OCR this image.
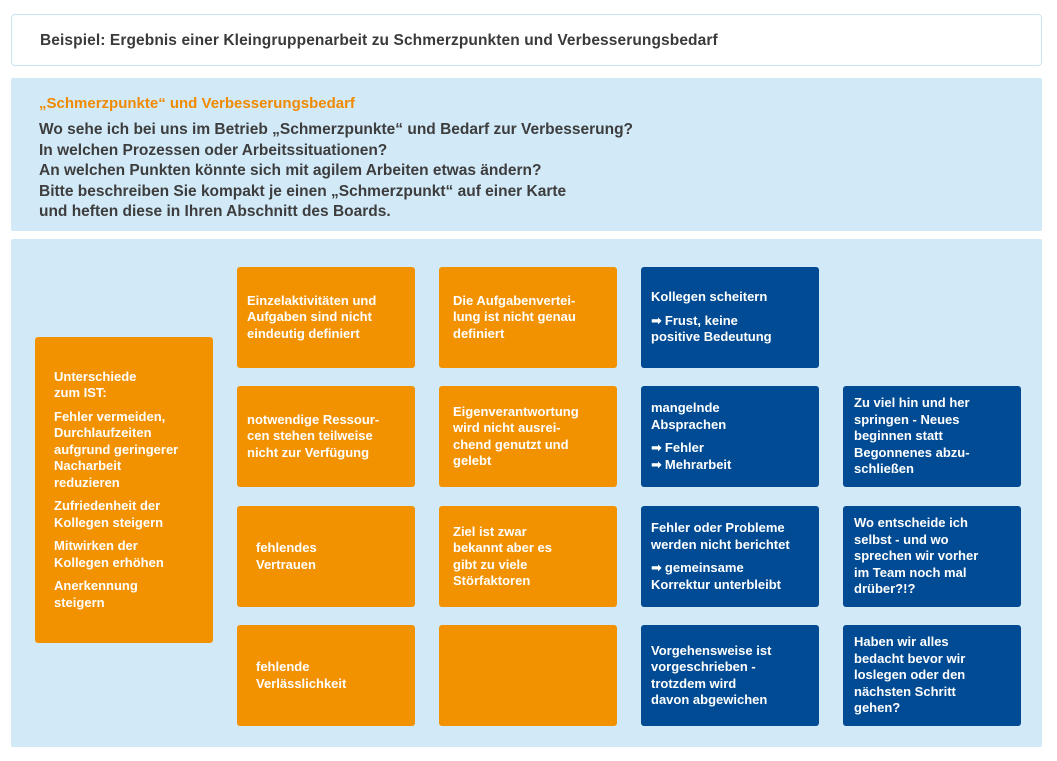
Beispiel: Ergebnis einer Kleingruppenarbeit zu Schmerzpunkten und Verbesserungsbedarf
„Schmerzpunkte“ und Verbesserungsbedarf
Wo sehe ich bei uns im Betrieb „Schmerzpunkte“ und Bedarf zur Verbesserung?
In welchen Prozessen oder Arbeitssituationen?
An welchen Punkten könnte sich mit agilem Arbeiten etwas ändern?
Bitte beschreiben Sie kompakt je einen „Schmerzpunkt“ auf einer Karte
und heften diese in Ihren Abschnitt des Boards.
Unterschiede
zum IST:
Fehler vermeiden,
Durchlaufzeiten
aufgrund geringerer
Nacharbeit
reduzieren
Zufriedenheit der
Kollegen steigern
Mitwirken der
Kollegen erhöhen
Anerkennung
steigern
Einzelaktivitäten und
Aufgaben sind nicht
eindeutig definiert
notwendige Ressour-
cen stehen teilweise
nicht zur Verfügung
fehlendes
Vertrauen
fehlende
Verlässlichkeit
Die Aufgabenvertei-
lung ist nicht genau
definiert
Eigenverantwortung
wird nicht ausrei-
chend genutzt und
gelebt
Ziel ist zwar
bekannt aber es
gibt zu viele
Störfaktoren
Kollegen scheitern
➡ Frust, keine
positive Bedeutung
mangelnde
Absprachen
➡ Fehler
➡ Mehrarbeit
Fehler oder Probleme
werden nicht berichtet
➡ gemeinsame
Korrektur unterbleibt
Vorgehensweise ist
vorgeschrieben -
trotzdem wird
davon abgewichen
Zu viel hin und her
springen - Neues
beginnen statt
Begonnenes abzu-
schließen
Wo entscheide ich
selbst - und wo
sprechen wir vorher
im Team noch mal
drüber?!?
Haben wir alles
bedacht bevor wir
loslegen oder den
nächsten Schritt
gehen?
